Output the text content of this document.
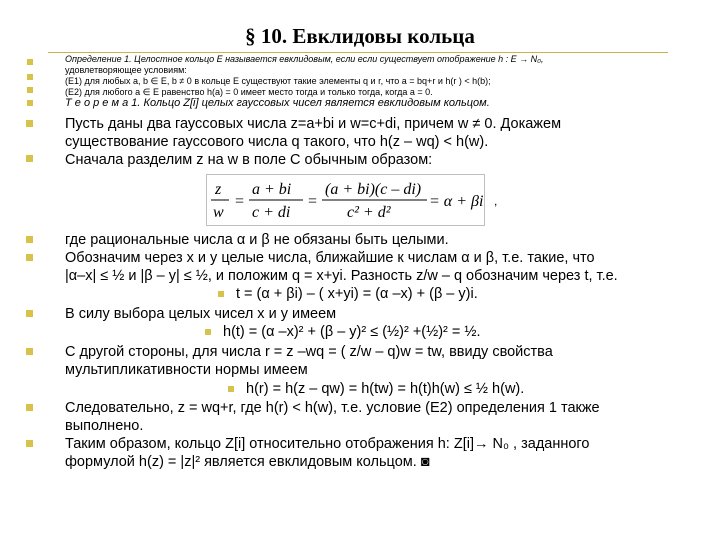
§ 10. Евклидовы кольца
Определение 1. Целостное кольцо E называется евклидовым, если если существует отображение h : E → N₀,
удовлетворяющее условиям:
(E1) для любых a, b ∈ E, b ≠ 0 в кольце E существуют такие элементы q и r, что a = bq+r и h(r ) < h(b);
(E2) для любого a ∈ E равенство h(a) = 0 имеет место тогда и только тогда, когда a = 0.
Т е о р е м а 1. Кольцо Z[i] целых гауссовых чисел является евклидовым кольцом.
Пусть даны два гауссовых числа z=a+bi и w=c+di, причем w ≠ 0. Докажем
существование гауссового числа q такого, что h(z – wq) < h(w).
Сначала разделим z на w в поле C обычным образом:
z
w
=
a + bi
c + di
=
(a + bi)(c – di)
c² + d²
= α + βi ,
где рациональные числа α и β не обязаны быть целыми.
Обозначим через x и y целые числа, ближайшие к числам α и β, т.е. такие, что
|α–x| ≤ ½ и |β – y| ≤ ½, и положим q = x+yi. Разность z/w – q обозначим через t, т.е.
t = (α + βi) – ( x+yi) = (α –x) + (β – y)i.
В силу выбора целых чисел x и y имеем
h(t) = (α –x)² + (β – y)² ≤ (½)² +(½)² = ½.
С другой стороны, для числа r = z –wq = ( z/w – q)w = tw, ввиду свойства
мультипликативности нормы имеем
h(r) = h(z – qw) = h(tw) = h(t)h(w) ≤ ½ h(w).
Следовательно, z = wq+r, где h(r) < h(w), т.е. условие (E2) определения 1 также
выполнено.
Таким образом, кольцо Z[i] относительно отображения h: Z[i]→ N₀ , заданного
формулой h(z) = |z|² является евклидовым кольцом. ◙
